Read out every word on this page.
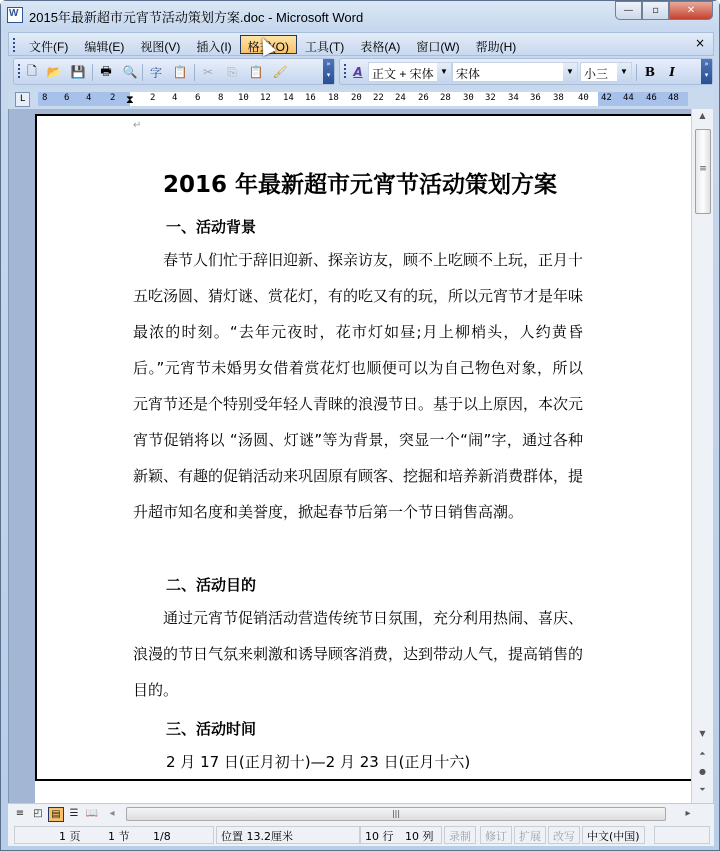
W
2015年最新超市元宵节活动策划方案.doc - Microsoft Word	—	▫	✕
文件(F)	编辑(E)	视图(V)	插入(I)	格式(O)	工具(T)	表格(A)	窗口(W)	帮助(H)	×
🗋 📂 💾 🖶 🔍 字 📋 ✂ ⎘ 📋 🖌
»
▾	A 正文 + 宋体 ▼ 宋体	▼ 小三	▼ B	I
»
▾
L	8 6 4 2 ⧗ 2 4 6 8 10 12 14 16 18 20 22 24 26 28 30 32 34 36 38 40 42 44 46 48
↵
2016 年最新超市元宵节活动策划方案
一、活动背景
春节人们忙于辞旧迎新、探亲访友，顾不上吃顾不上玩，正月十五吃汤圆、猜灯谜、赏花灯，有的吃又有的玩，所以元宵节才是年味最浓的时刻。“去年元夜时，花市灯如昼;月上柳梢头，人约黄昏后。”元宵节未婚男女借着赏花灯也顺便可以为自己物色对象，所以元宵节还是个特别受年轻人青睐的浪漫节日。基于以上原因，本次元宵节促销将以 “汤圆、灯谜”等为背景，突显一个“闹”字，通过各种新颖、有趣的促销活动来巩固原有顾客、挖掘和培养新消费群体，提升超市知名度和美誉度，掀起春节后第一个节日销售高潮。
二、活动目的
通过元宵节促销活动营造传统节日氛围，充分利用热闹、喜庆、浪漫的节日气氛来刺激和诱导顾客消费，达到带动人气，提高销售的目的。
三、活动时间
2 月 17 日(正月初十)—2 月 23 日(正月十六)
▲
≡
▼
⏶
●
⏷
≡ ◰ ▤ ☰ 📖	◂	|||	▸
1 页	1 节 1/8	位置 13.2厘米	10 行 10 列	录制	修订	扩展	改写	中文(中国)
